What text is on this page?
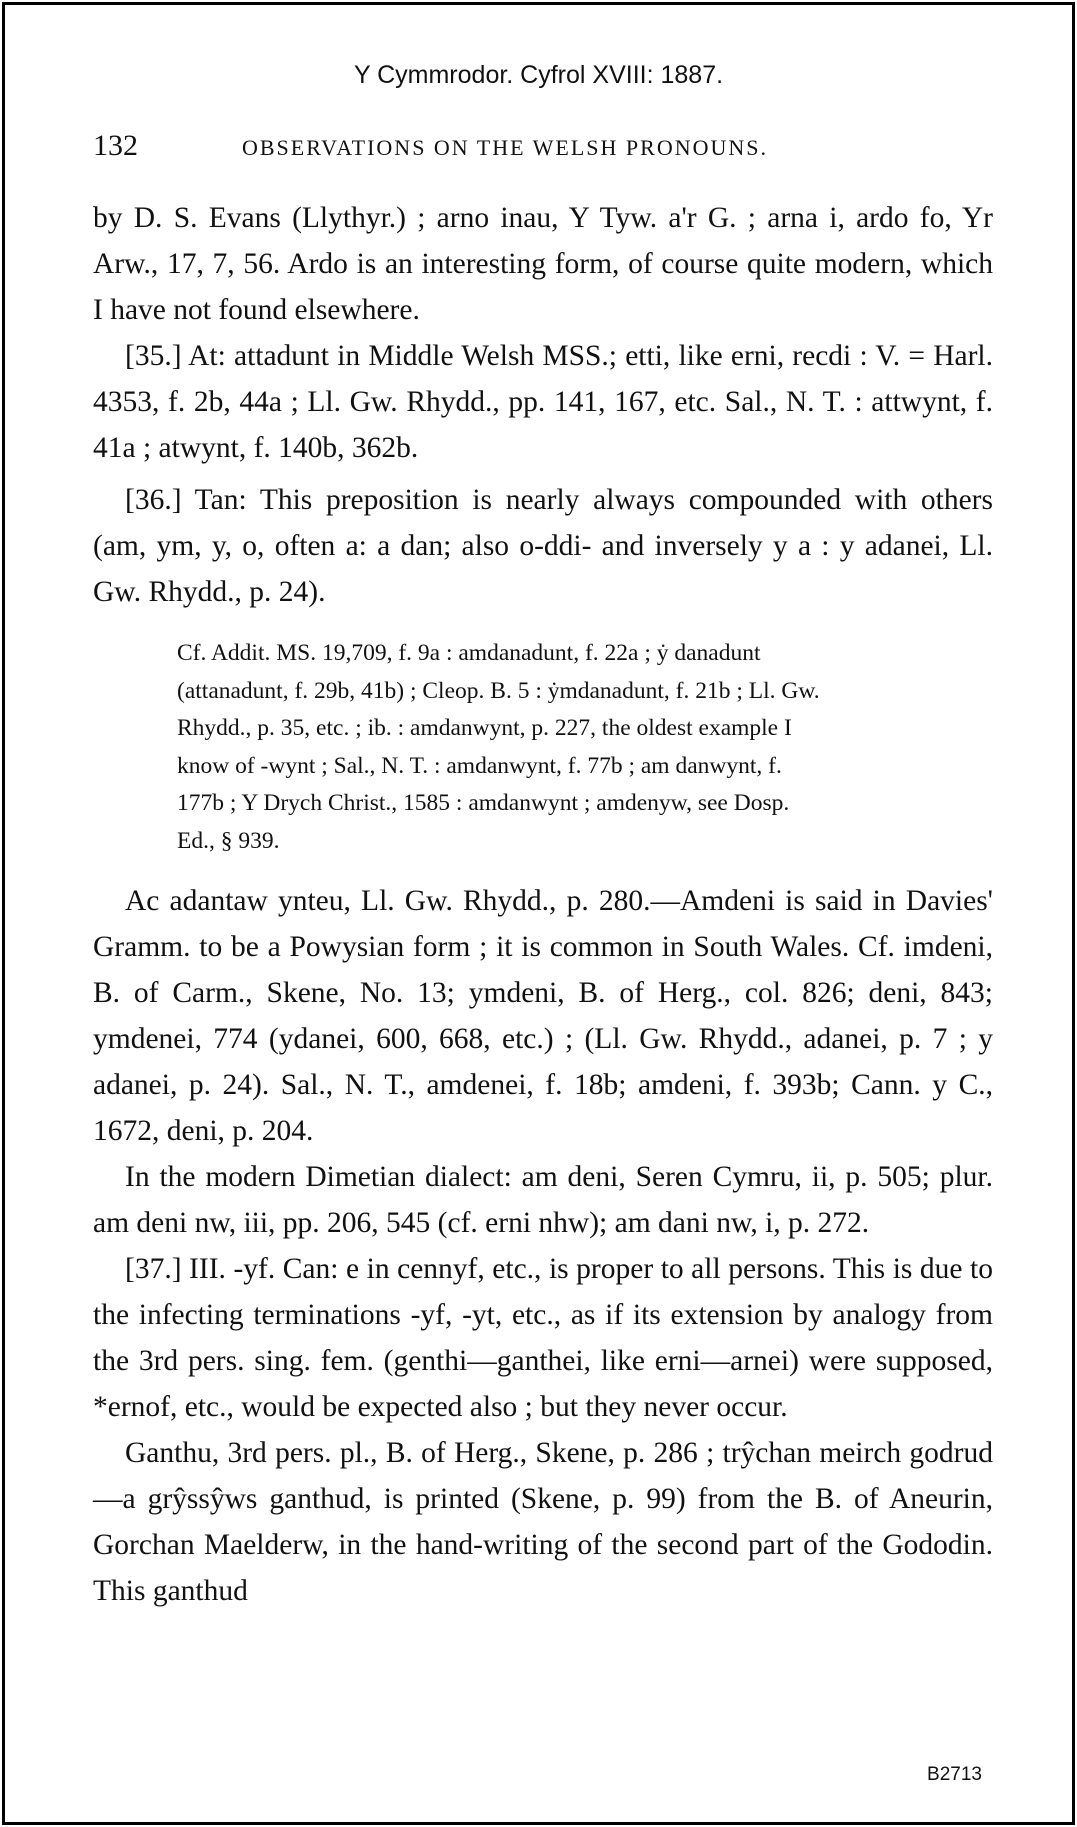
Y Cymmrodor. Cyfrol XVIII: 1887.
132	OBSERVATIONS ON THE WELSH PRONOUNS.

by D. S. Evans (Llythyr.) ; arno inau, Y Tyw. a'r G. ; arna i, ardo fo, Yr Arw., 17, 7, 56. Ardo is an interesting form, of course quite modern, which I have not found elsewhere.

[35.] At: attadunt in Middle Welsh MSS.; etti, like erni, recdi : V. = Harl. 4353, f. 2b, 44a ; Ll. Gw. Rhydd., pp. 141, 167, etc. Sal., N. T. : attwynt, f. 41a ; atwynt, f. 140b, 362b.

[36.] Tan: This preposition is nearly always compounded with others (am, ym, y, o, often a: a dan; also o-ddi- and inversely y a : y adanei, Ll. Gw. Rhydd., p. 24).

Cf. Addit. MS. 19,709, f. 9a : amdanadunt, f. 22a ; ẏ danadunt
(attanadunt, f. 29b, 41b) ; Cleop. B. 5 : ẏmdanadunt, f. 21b ; Ll. Gw.
Rhydd., p. 35, etc. ; ib. : amdanwynt, p. 227, the oldest example I
know of -wynt ; Sal., N. T. : amdanwynt, f. 77b ; am danwynt, f.
177b ; Y Drych Christ., 1585 : amdanwynt ; amdenyw, see Dosp.
Ed., § 939.

Ac adantaw ynteu, Ll. Gw. Rhydd., p. 280.—Amdeni is said in Davies' Gramm. to be a Powysian form ; it is common in South Wales. Cf. imdeni, B. of Carm., Skene, No. 13; ymdeni, B. of Herg., col. 826; deni, 843; ymdenei, 774 (ydanei, 600, 668, etc.) ; (Ll. Gw. Rhydd., adanei, p. 7 ; y adanei, p. 24). Sal., N. T., amdenei, f. 18b; amdeni, f. 393b; Cann. y C., 1672, deni, p. 204.

In the modern Dimetian dialect: am deni, Seren Cymru, ii, p. 505; plur. am deni nw, iii, pp. 206, 545 (cf. erni nhw); am dani nw, i, p. 272.

[37.] III. -yf. Can: e in cennyf, etc., is proper to all persons. This is due to the infecting terminations -yf, -yt, etc., as if its extension by analogy from the 3rd pers. sing. fem. (genthi—ganthei, like erni—arnei) were supposed, *ernof, etc., would be expected also ; but they never occur.

Ganthu, 3rd pers. pl., B. of Herg., Skene, p. 286 ; trŷchan meirch godrud—a grŷssŷws ganthud, is printed (Skene, p. 99) from the B. of Aneurin, Gorchan Maelderw, in the hand-writing of the second part of the Gododin. This ganthud

B2713
